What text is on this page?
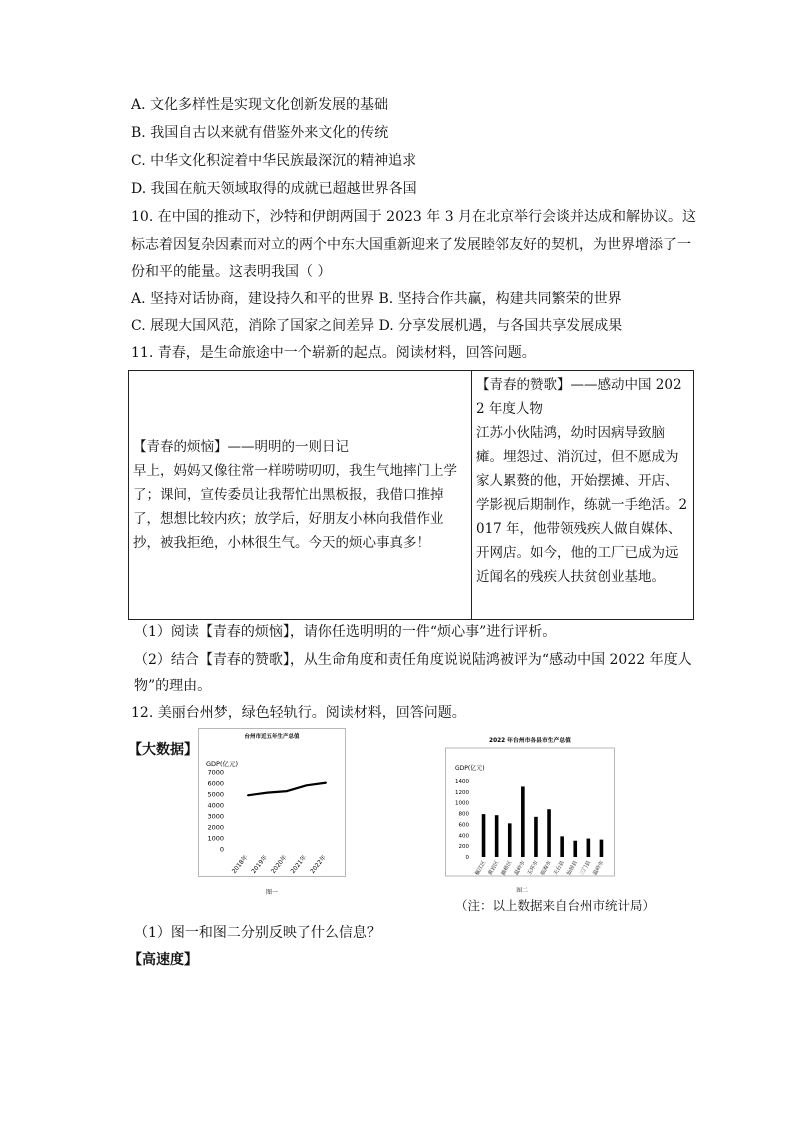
A. 文化多样性是实现文化创新发展的基础
B. 我国自古以来就有借鉴外来文化的传统
C. 中华文化积淀着中华民族最深沉的精神追求
D. 我国在航天领域取得的成就已超越世界各国
10. 在中国的推动下，沙特和伊朗两国于 2023 年 3 月在北京举行会谈并达成和解协议。这
标志着因复杂因素而对立的两个中东大国重新迎来了发展睦邻友好的契机，为世界增添了一
份和平的能量。这表明我国（ ）
A. 坚持对话协商，建设持久和平的世界 B. 坚持合作共赢，构建共同繁荣的世界
C. 展现大国风范，消除了国家之间差异 D. 分享发展机遇，与各国共享发展成果
11. 青春，是生命旅途中一个崭新的起点。阅读材料，回答问题。
【青春的烦恼】——明明的一则日记
早上，妈妈又像往常一样唠唠叨叨，我生气地摔门上学了；课间，宣传委员让我帮忙出黑板报，我借口推掉了，想想比较内疚；放学后，好朋友小林向我借作业抄，被我拒绝，小林很生气。今天的烦心事真多！

【青春的赞歌】——感动中国 2022 年度人物
江苏小伙陆鸿，幼时因病导致脑瘫。埋怨过、消沉过，但不愿成为家人累赘的他，开始摆摊、开店、学影视后期制作，练就一手绝活。2017 年，他带领残疾人做自媒体、开网店。如今，他的工厂已成为远近闻名的残疾人扶贫创业基地。
（1）阅读【青春的烦恼】，请你任选明明的一件“烦心事”进行评析。
（2）结合【青春的赞歌】，从生命角度和责任角度说说陆鸿被评为“感动中国 2022 年度人
物”的理由。
12. 美丽台州梦，绿色轻轨行。阅读材料，回答问题。
【大数据】
台州市近五年生产总值
GDP(亿元)
0
1000
2000
3000
4000
5000
6000
7000
2018年 2019年 2020年 2021年 2022年
图一
2022 年台州市各县市生产总值
GDP(亿元)
0
200
400
600
800
1000
1200
1400
椒江区 黄岩区 路桥区 温岭市 玉环市 临海市 天台县 仙居县 三门县 温岭市
图二
（注：以上数据来自台州市统计局）
（1）图一和图二分别反映了什么信息？
【高速度】
